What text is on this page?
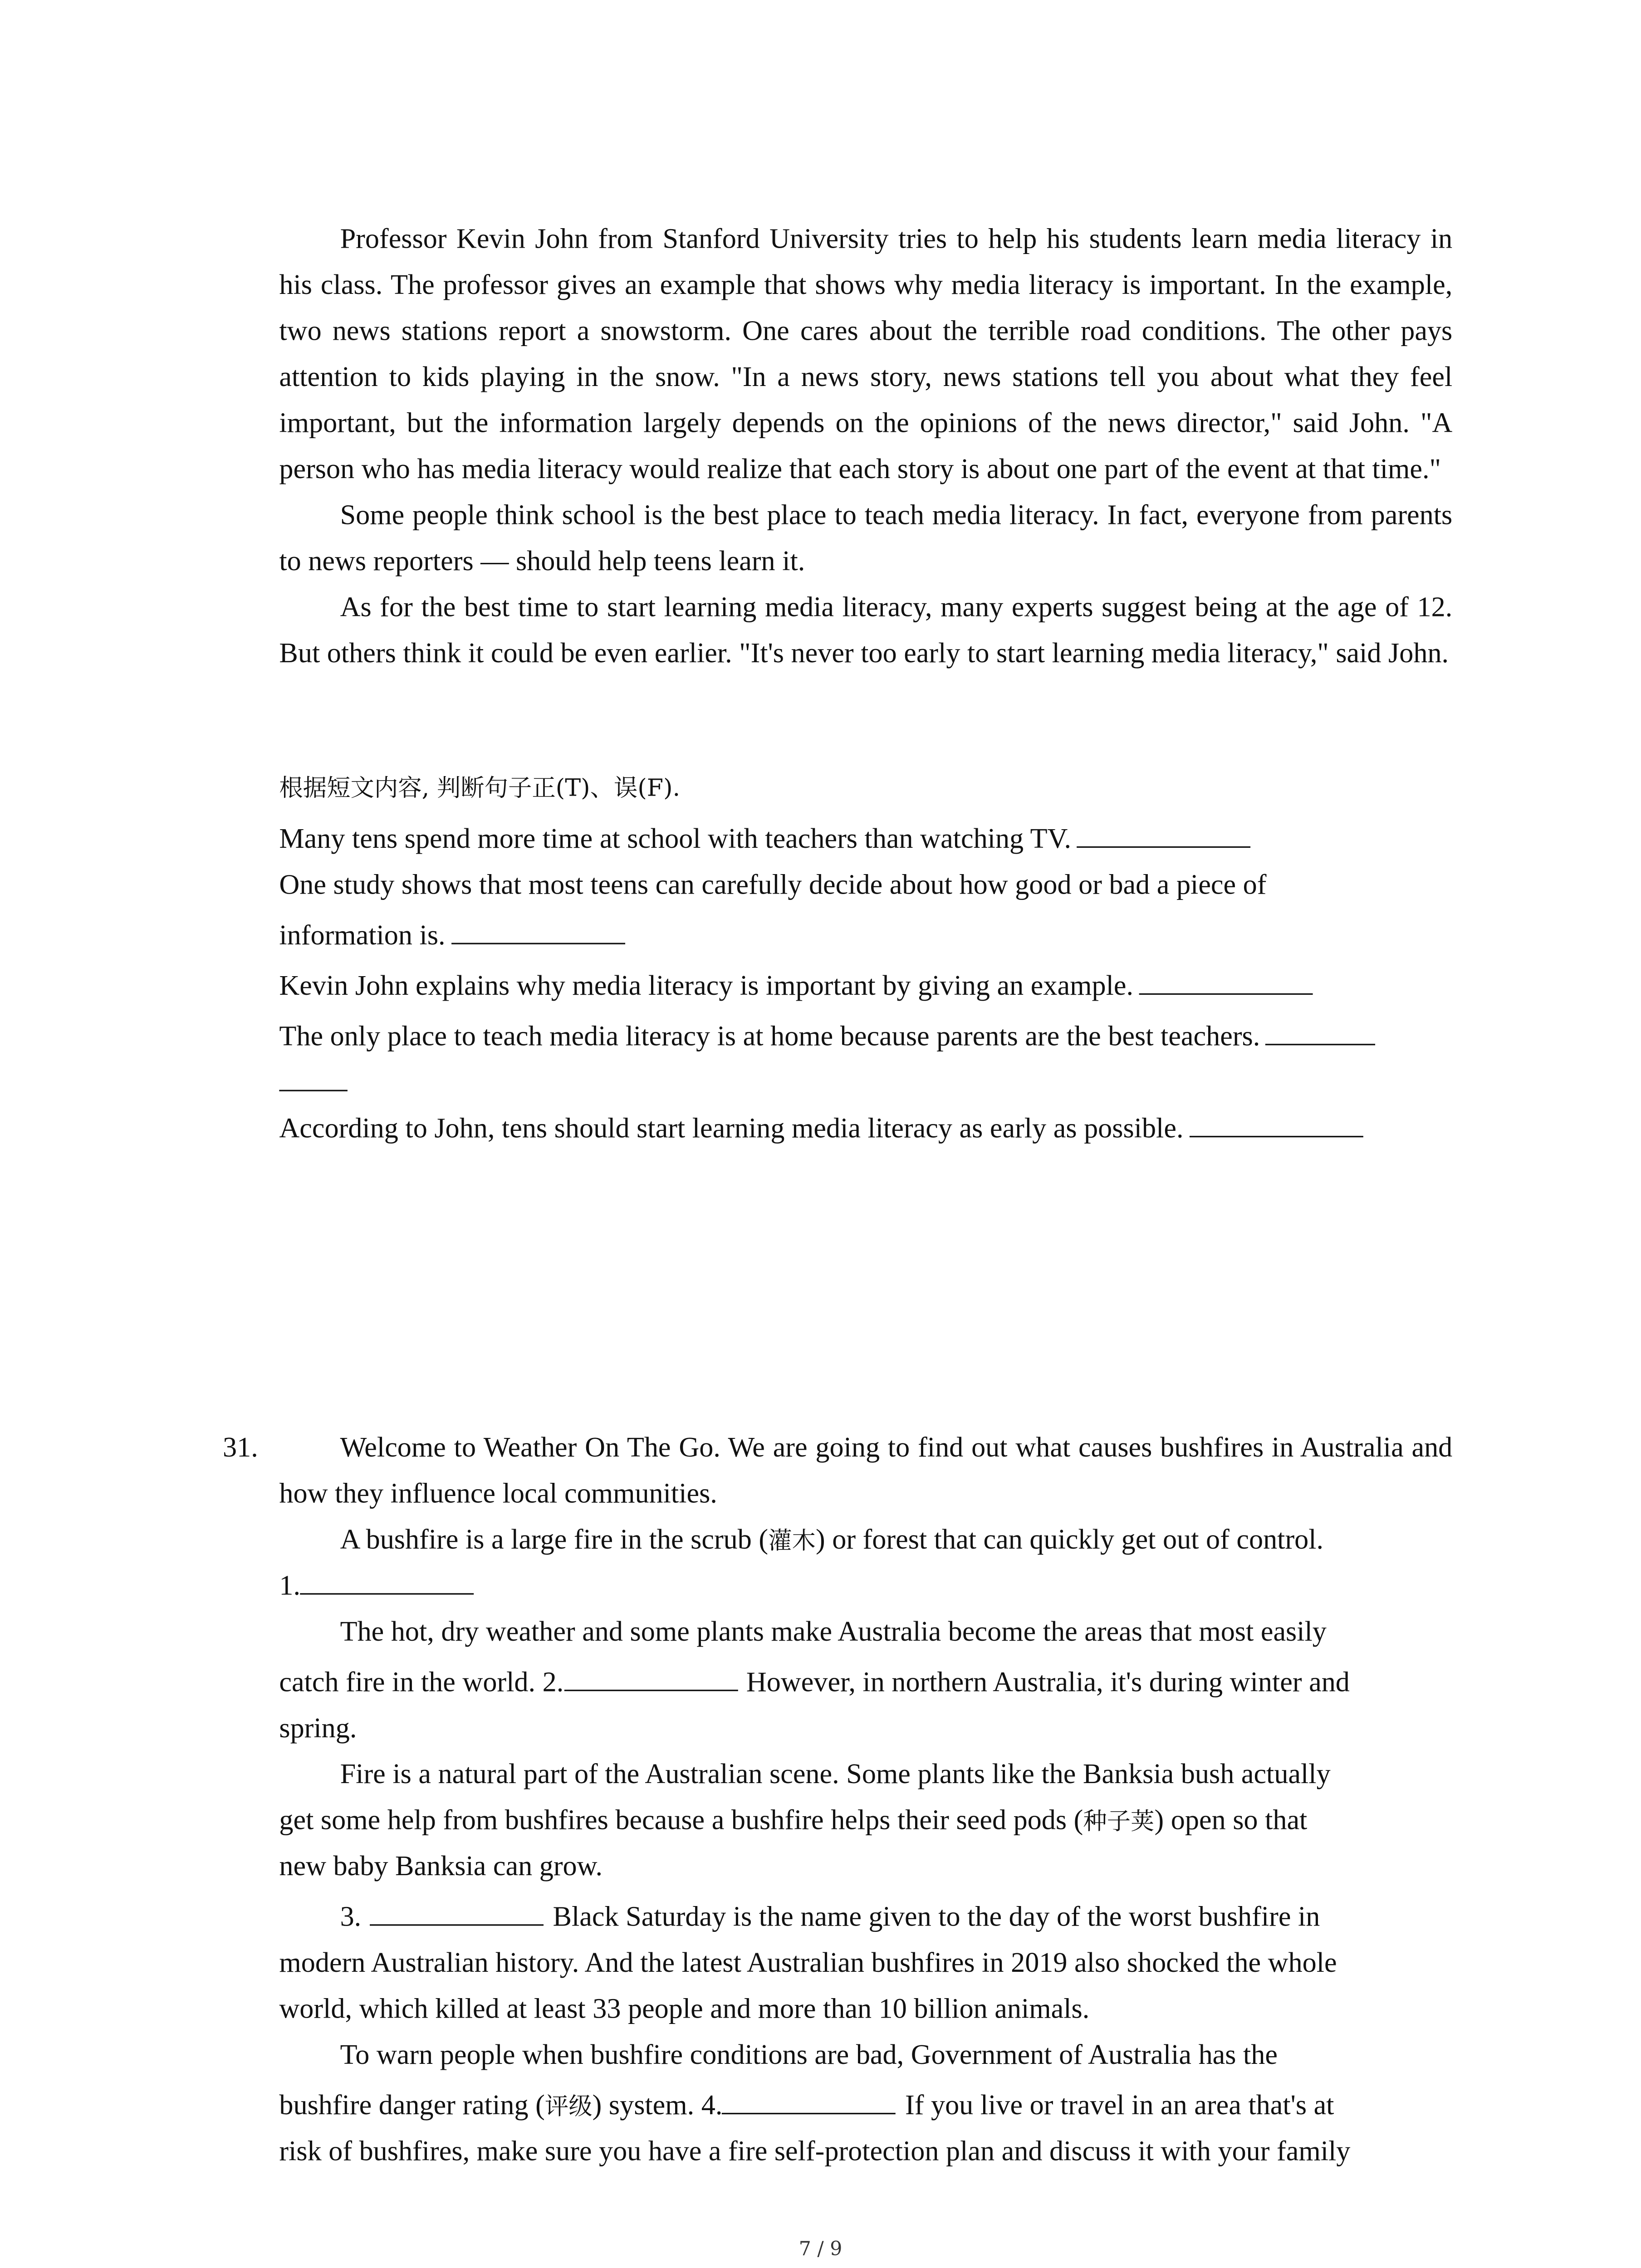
Professor Kevin John from Stanford University tries to help his students learn media literacy in his class. The professor gives an example that shows why media literacy is important. In the example, two news stations report a snowstorm. One cares about the terrible road conditions. The other pays attention to kids playing in the snow. "In a news story, news stations tell you about what they feel important, but the information largely depends on the opinions of the news director," said John. "A person who has media literacy would realize that each story is about one part of the event at that time."

Some people think school is the best place to teach media literacy. In fact, everyone from parents to news reporters — should help teens learn it.

As for the best time to start learning media literacy, many experts suggest being at the age of 12. But others think it could be even earlier. "It's never too early to start learning media literacy," said John.

根据短文内容, 判断句子正(T)、误(F).

Many tens spend more time at school with teachers than watching TV.

One study shows that most teens can carefully decide about how good or bad a piece of

information is.

Kevin John explains why media literacy is important by giving an example.

The only place to teach media literacy is at home because parents are the best teachers.

According to John, tens should start learning media literacy as early as possible.

31.	Welcome to Weather On The Go. We are going to find out what causes bushfires in Australia and how they influence local communities.

A bushfire is a large fire in the scrub (灌木) or forest that can quickly get out of control.

1.

The hot, dry weather and some plants make Australia become the areas that most easily

catch fire in the world. 2.	However, in northern Australia, it's during winter and

spring.

Fire is a natural part of the Australian scene. Some plants like the Banksia bush actually

get some help from bushfires because a bushfire helps their seed pods (种子荚) open so that

new baby Banksia can grow.

3.	Black Saturday is the name given to the day of the worst bushfire in

modern Australian history. And the latest Australian bushfires in 2019 also shocked the whole

world, which killed at least 33 people and more than 10 billion animals.

To warn people when bushfire conditions are bad, Government of Australia has the

bushfire danger rating (评级) system. 4.	If you live or travel in an area that's at

risk of bushfires, make sure you have a fire self-protection plan and discuss it with your family

7 / 9
